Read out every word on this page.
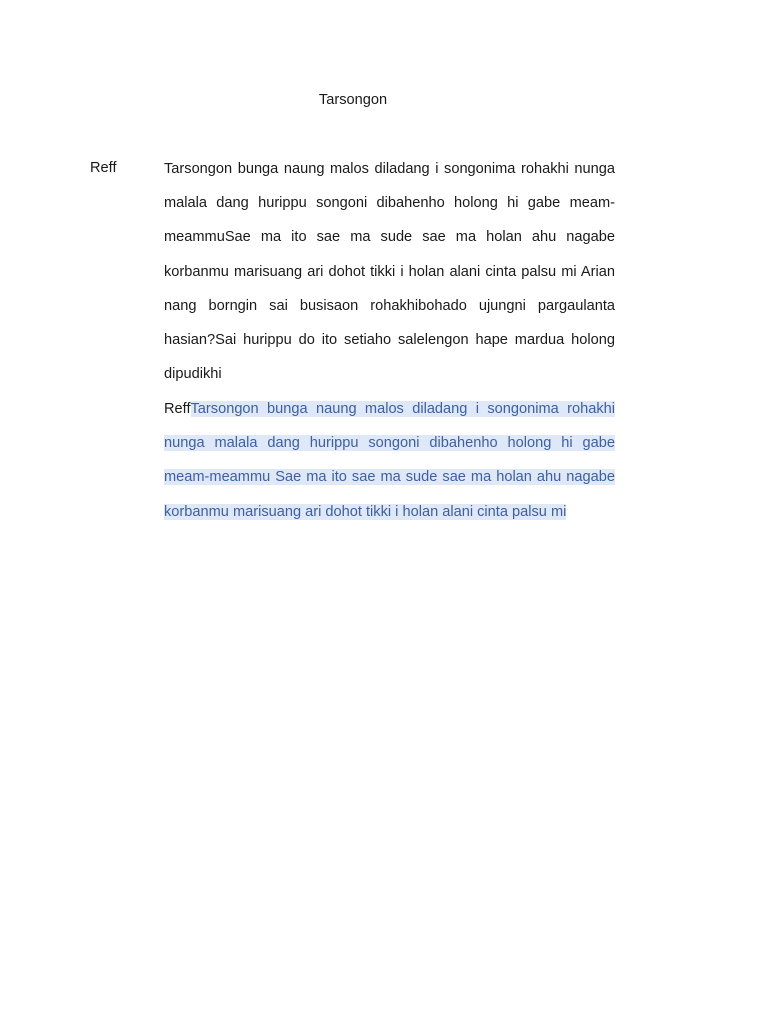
Tarsongon
Reff	Tarsongon bunga naung malos diladang i songonima rohakhi nunga malala dang hurippu songoni dibahenho holong hi gabe meam-meammuSae ma ito sae ma sude sae ma holan ahu nagabe korbanmu marisuang ari dohot tikki i holan alani cinta palsu mi Arian nang borngin sai busisaon rohakhibohado ujungni pargaulanta hasian?Sai hurippu do ito setiaho salelengon hape mardua holong dipudikhi
ReffTarsongon bunga naung malos diladang i songonima rohakhi nunga malala dang hurippu songoni dibahenho holong hi gabe meam-meammu Sae ma ito sae ma sude sae ma holan ahu nagabe korbanmu marisuang ari dohot tikki i holan alani cinta palsu mi
